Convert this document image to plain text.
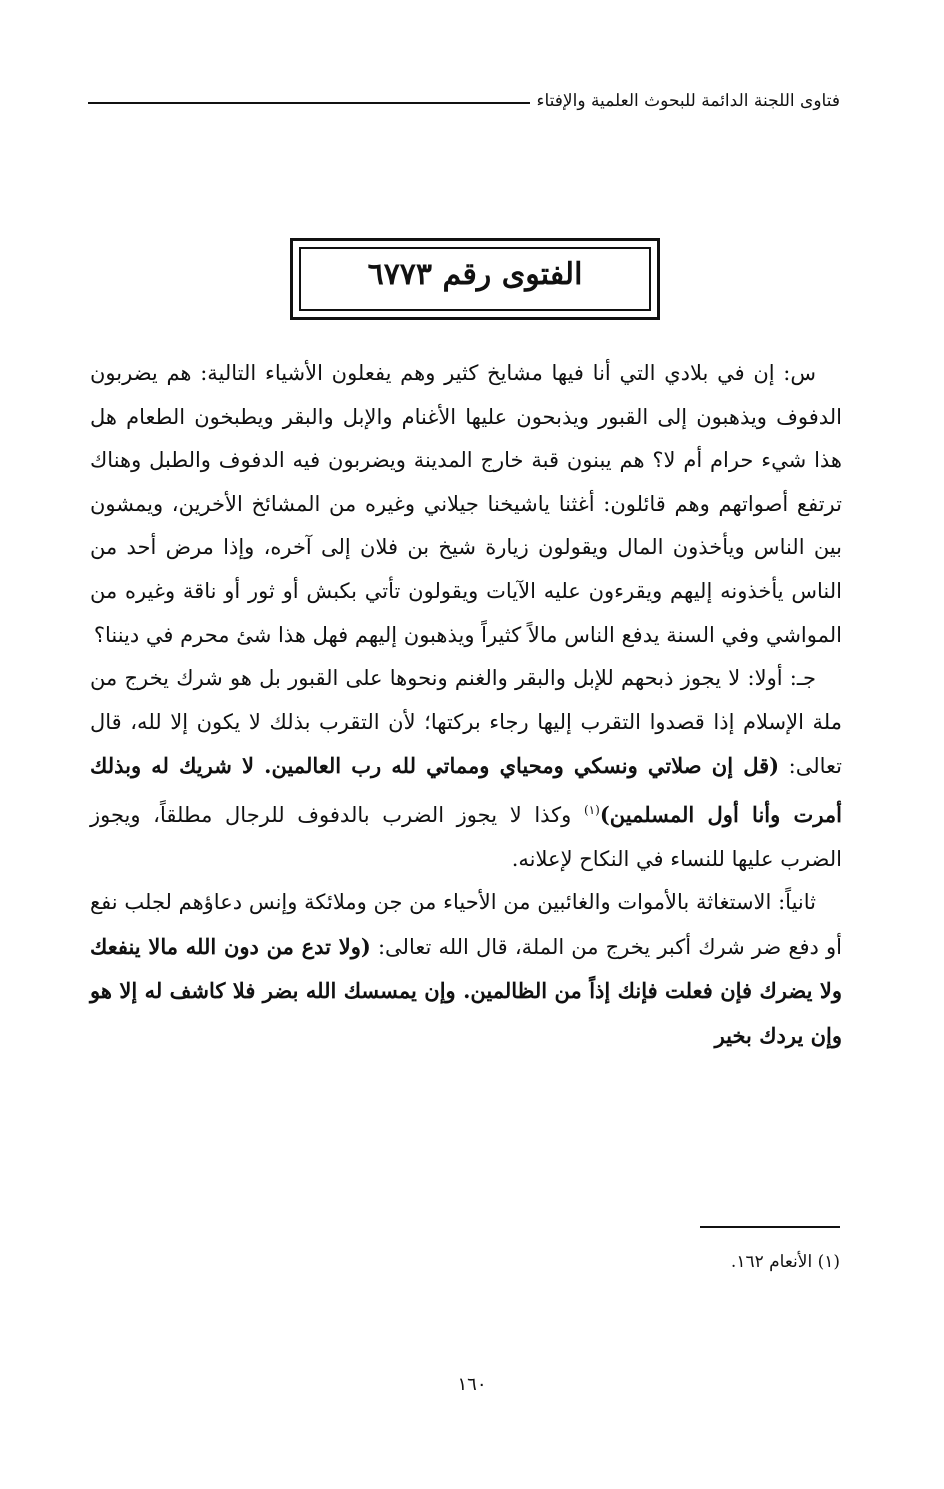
فتاوى اللجنة الدائمة للبحوث العلمية والإفتاء
الفتوى رقم ٦٧٧٣

س: إن في بلادي التي أنا فيها مشايخ كثير وهم يفعلون الأشياء التالية: هم يضربون الدفوف ويذهبون إلى القبور ويذبحون عليها الأغنام والإبل والبقر ويطبخون الطعام هل هذا شيء حرام أم لا؟ هم يبنون قبة خارج المدينة ويضربون فيه الدفوف والطبل وهناك ترتفع أصواتهم وهم قائلون: أغثنا ياشيخنا جيلاني وغيره من المشائخ الأخرين، ويمشون بين الناس ويأخذون المال ويقولون زيارة شيخ بن فلان إلى آخره، وإذا مرض أحد من الناس يأخذونه إليهم ويقرءون عليه الآيات ويقولون تأتي بكبش أو ثور أو ناقة وغيره من المواشي وفي السنة يدفع الناس مالاً كثيراً ويذهبون إليهم فهل هذا شئ محرم في ديننا؟

جـ: أولا: لا يجوز ذبحهم للإبل والبقر والغنم ونحوها على القبور بل هو شرك يخرج من ملة الإسلام إذا قصدوا التقرب إليها رجاء بركتها؛ لأن التقرب بذلك لا يكون إلا لله، قال تعالى: (قل إن صلاتي ونسكي ومحياي ومماتي لله رب العالمين. لا شريك له وبذلك أمرت وأنا أول المسلمين)$^{(١)}$ وكذا لا يجوز الضرب بالدفوف للرجال مطلقاً، ويجوز الضرب عليها للنساء في النكاح لإعلانه.

ثانياً: الاستغاثة بالأموات والغائبين من الأحياء من جن وملائكة وإنس دعاؤهم لجلب نفع أو دفع ضر شرك أكبر يخرج من الملة، قال الله تعالى: (ولا تدع من دون الله مالا ينفعك ولا يضرك فإن فعلت فإنك إذاً من الظالمين. وإن يمسسك الله بضر فلا كاشف له إلا هو وإن يردك بخير

(١) الأنعام ١٦٢.
١٦٠
